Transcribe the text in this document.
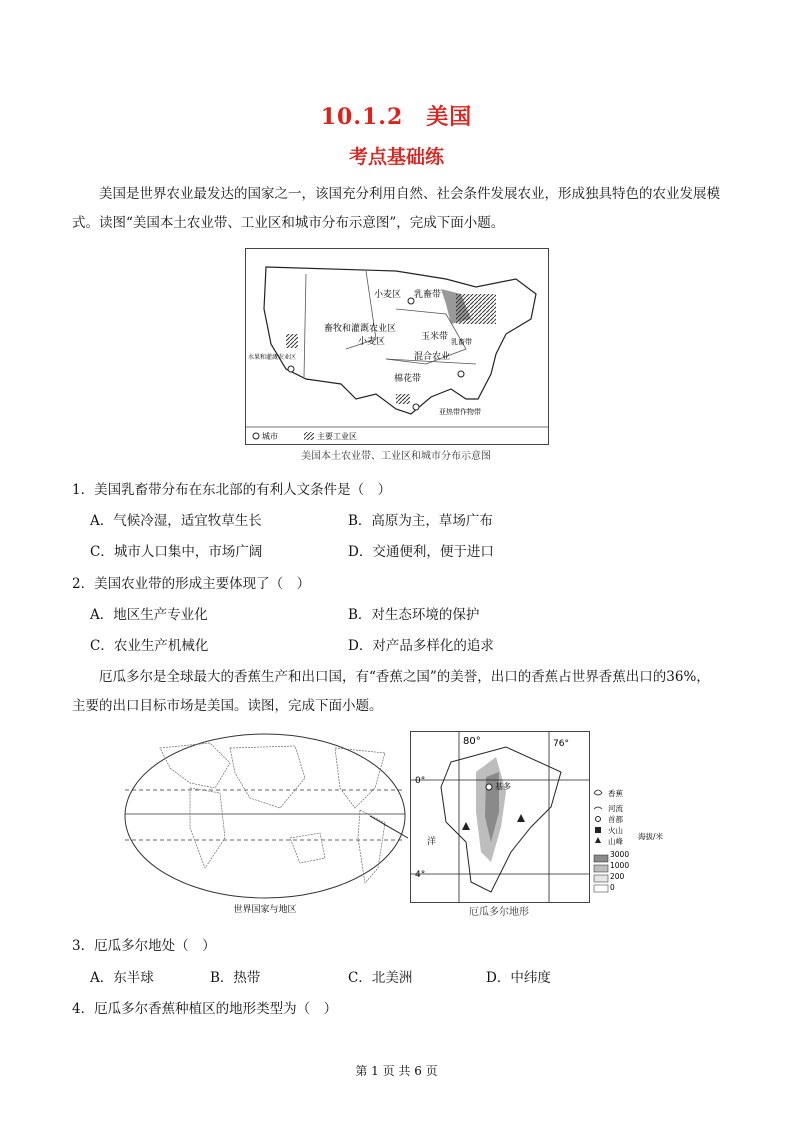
10.1.2　美国
考点基础练
美国是世界农业最发达的国家之一，该国充分利用自然、社会条件发展农业，形成独具特色的农业发展模式。读图“美国本土农业带、工业区和城市分布示意图”，完成下面小题。
畜牧和灌溉农业区
小麦区 乳畜带
玉米带
小麦区
混合农业
棉花带
亚热带作物带
水果和灌溉农业区
乳畜带
城市	主要工业区
美国本土农业带、工业区和城市分布示意图
1．美国乳畜带分布在东北部的有利人文条件是（　）
A．气候冷湿，适宜牧草生长	B．高原为主，草场广布
C．城市人口集中，市场广阔	D．交通便利，便于进口
2．美国农业带的形成主要体现了（　）
A．地区生产专业化	B．对生态环境的保护
C．农业生产机械化	D．对产品多样化的追求
厄瓜多尔是全球最大的香蕉生产和出口国，有“香蕉之国”的美誉，出口的香蕉占世界香蕉出口的36%，主要的出口目标市场是美国。读图，完成下面小题。
世界国家与地区
基多
80°	76°
0°
4°
洋
厄瓜多尔地形
香蕉
河流
首都
火山
山峰
海拔/米
3000
1000
200
0
3．厄瓜多尔地处（　）
A．东半球	B．热带	C．北美洲	D．中纬度
4．厄瓜多尔香蕉种植区的地形类型为（　）
第 1 页 共 6 页
